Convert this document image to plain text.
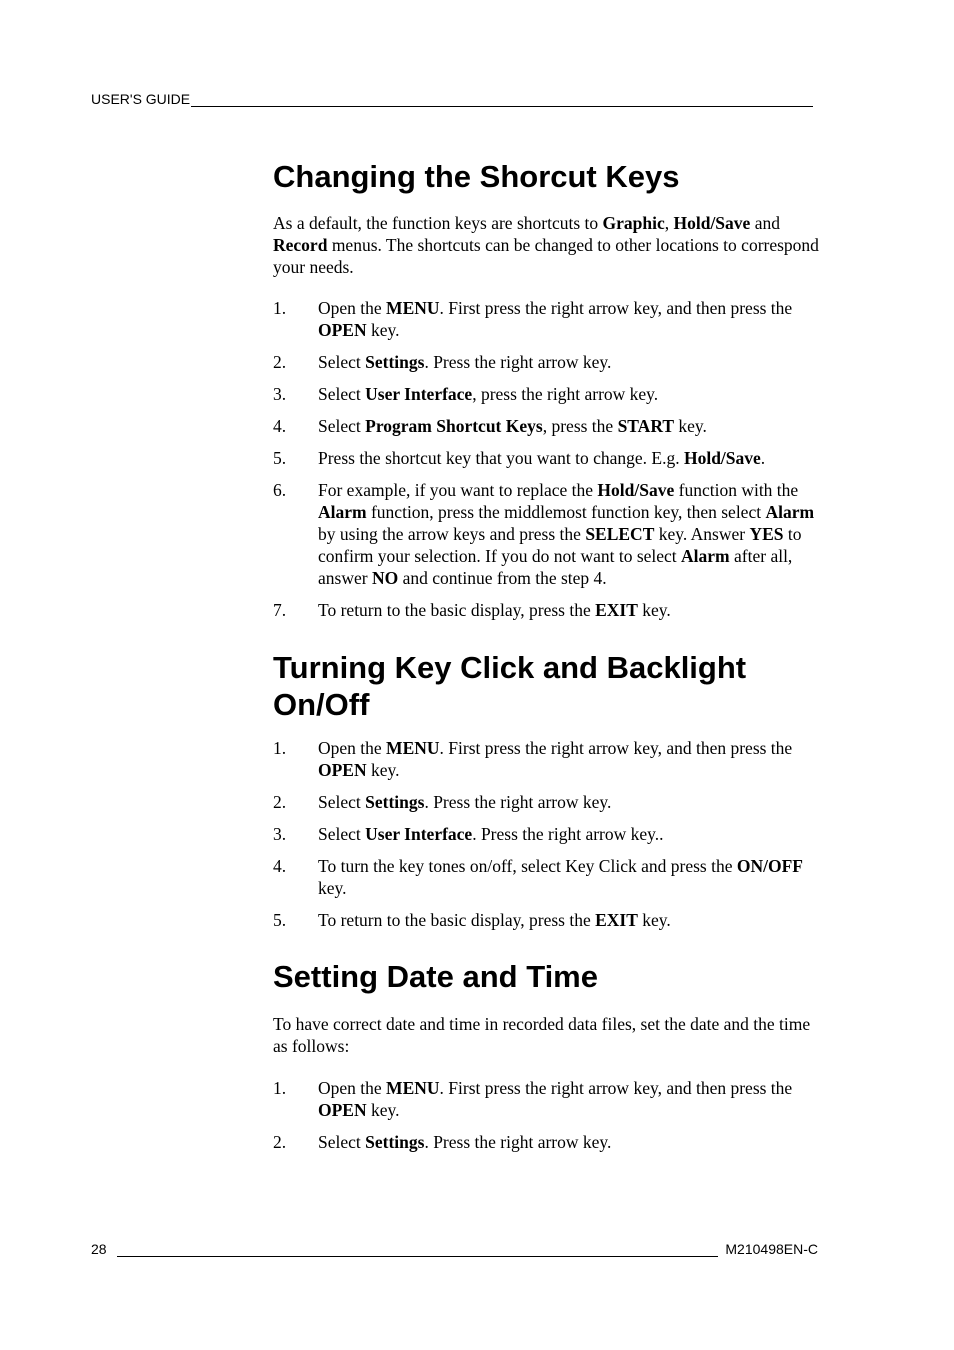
USER'S GUIDE
Changing the Shorcut Keys

As a default, the function keys are shortcuts to Graphic, Hold/Save and Record menus. The shortcuts can be changed to other locations to correspond your needs.

1.	Open the MENU. First press the right arrow key, and then press the OPEN key.
2.	Select Settings. Press the right arrow key.
3.	Select User Interface, press the right arrow key.
4.	Select Program Shortcut Keys, press the START key.
5.	Press the shortcut key that you want to change. E.g. Hold/Save.
6.	For example, if you want to replace the Hold/Save function with the Alarm function, press the middlemost function key, then select Alarm by using the arrow keys and press the SELECT key. Answer YES to confirm your selection. If you do not want to select Alarm after all, answer NO and continue from the step 4.
7.	To return to the basic display, press the EXIT key.
Turning Key Click and Backlight On/Off
1.	Open the MENU. First press the right arrow key, and then press the OPEN key.
2.	Select Settings. Press the right arrow key.
3.	Select User Interface. Press the right arrow key..
4.	To turn the key tones on/off, select Key Click and press the ON/OFF key.
5.	To return to the basic display, press the EXIT key.
Setting Date and Time

To have correct date and time in recorded data files, set the date and the time as follows:

1.	Open the MENU. First press the right arrow key, and then press the OPEN key.
2.	Select Settings. Press the right arrow key.
28	M210498EN-C
